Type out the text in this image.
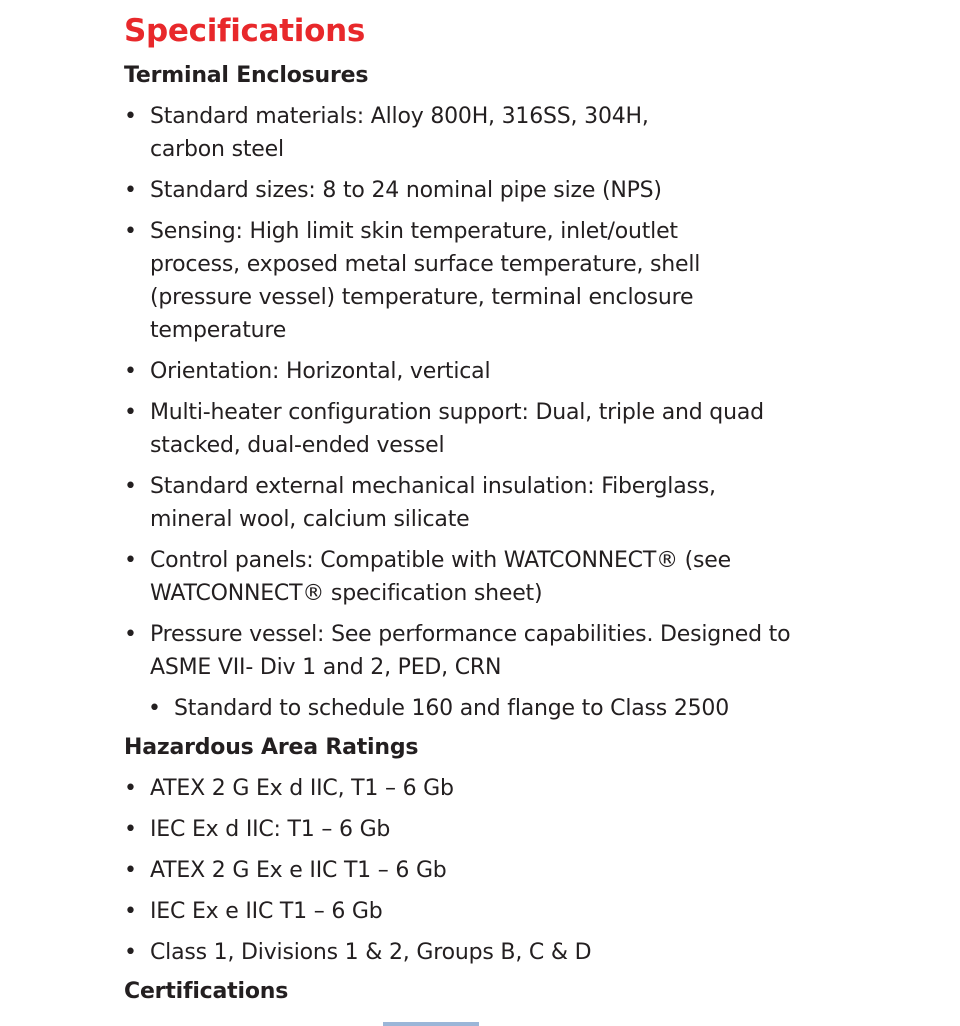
Specifications
Terminal Enclosures
• Standard materials: Alloy 800H, 316SS, 304H, carbon steel
• Standard sizes: 8 to 24 nominal pipe size (NPS)
• Sensing: High limit skin temperature, inlet/outlet process, exposed metal surface temperature, shell (pressure vessel) temperature, terminal enclosure temperature
• Orientation: Horizontal, vertical
• Multi-heater configuration support: Dual, triple and quad stacked, dual-ended vessel
• Standard external mechanical insulation: Fiberglass, mineral wool, calcium silicate
• Control panels: Compatible with WATCONNECT® (see WATCONNECT® specification sheet)
• Pressure vessel: See performance capabilities. Designed to ASME VII- Div 1 and 2, PED, CRN
• Standard to schedule 160 and flange to Class 2500
Hazardous Area Ratings
• ATEX 2 G Ex d IIC, T1 – 6 Gb
• IEC Ex d IIC: T1 – 6 Gb
• ATEX 2 G Ex e IIC T1 – 6 Gb
• IEC Ex e IIC T1 – 6 Gb
• Class 1, Divisions 1 & 2, Groups B, C & D
Certifications
